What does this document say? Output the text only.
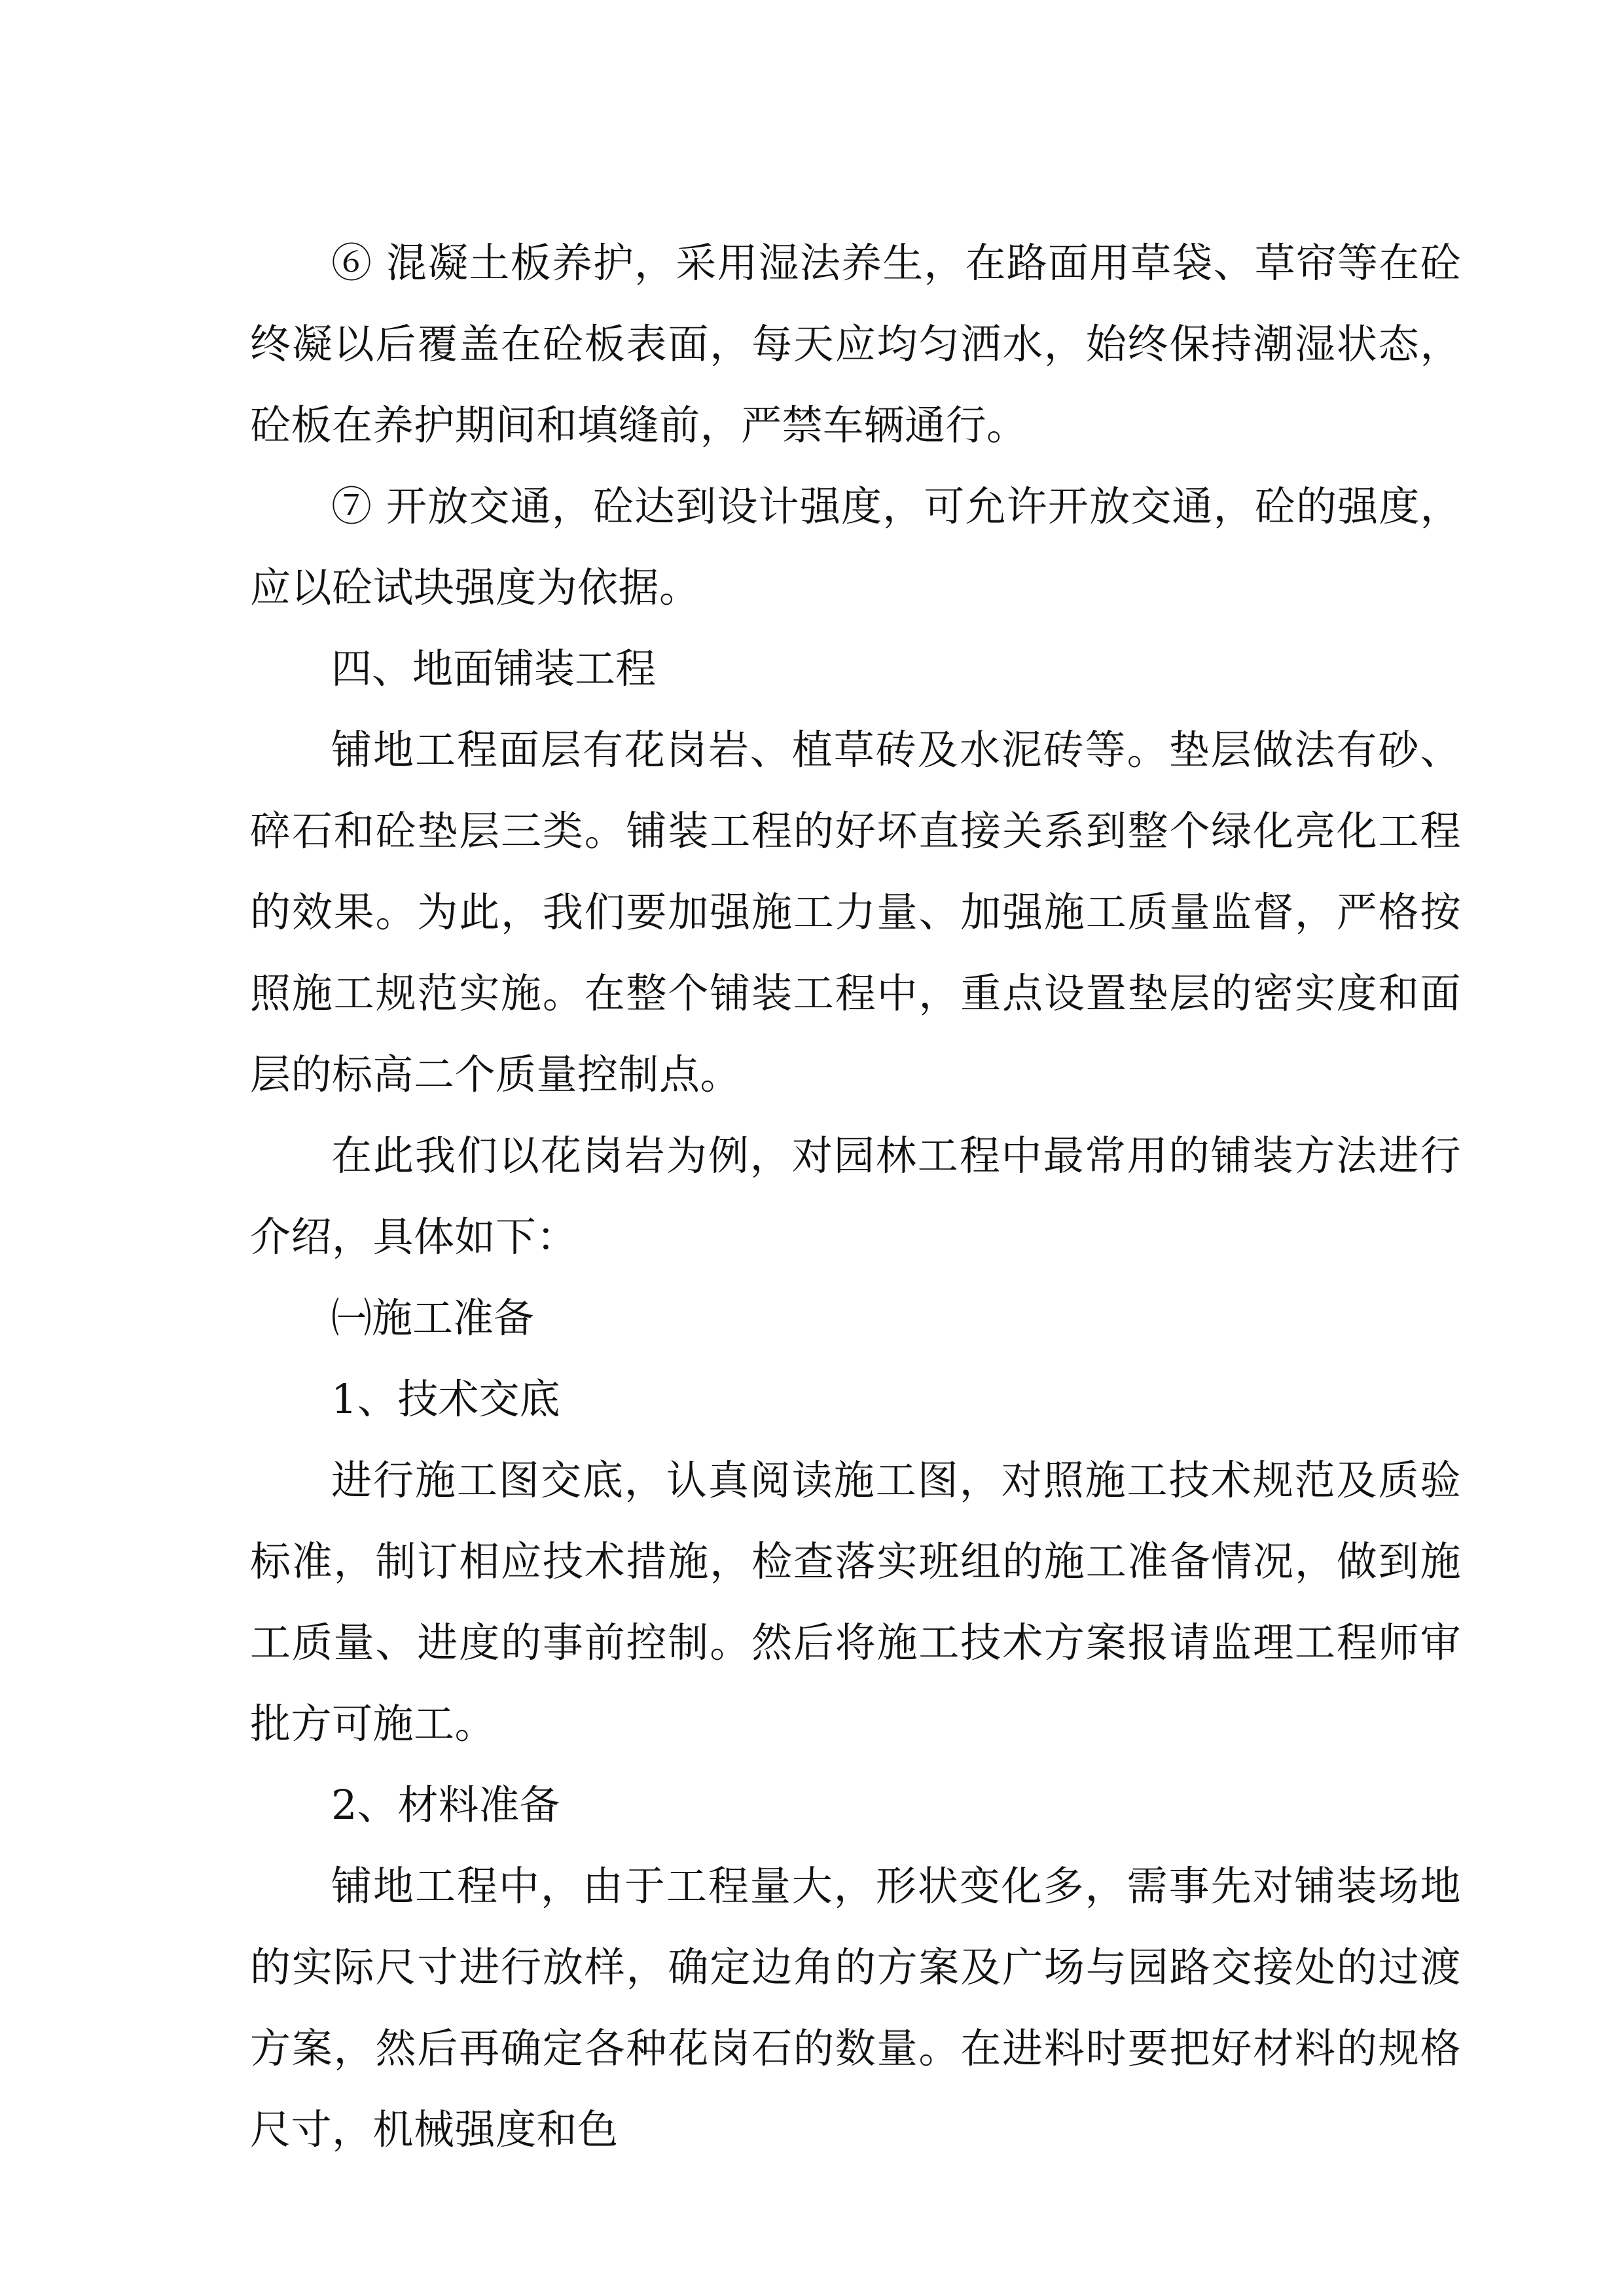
⑥ 混凝土板养护，采用湿法养生，在路面用草袋、草帘等在砼终凝以后覆盖在砼板表面，每天应均匀洒水，始终保持潮湿状态，砼板在养护期间和填缝前，严禁车辆通行。

⑦ 开放交通，砼达到设计强度，可允许开放交通，砼的强度，应以砼试块强度为依据。

四、地面铺装工程

铺地工程面层有花岗岩、植草砖及水泥砖等。垫层做法有砂、碎石和砼垫层三类。铺装工程的好坏直接关系到整个绿化亮化工程的效果。为此，我们要加强施工力量、加强施工质量监督，严格按照施工规范实施。在整个铺装工程中，重点设置垫层的密实度和面层的标高二个质量控制点。

在此我们以花岗岩为例，对园林工程中最常用的铺装方法进行介绍，具体如下：

㈠施工准备

1、技术交底

进行施工图交底，认真阅读施工图，对照施工技术规范及质验标准，制订相应技术措施，检查落实班组的施工准备情况，做到施工质量、进度的事前控制。然后将施工技术方案报请监理工程师审批方可施工。

2、材料准备

铺地工程中，由于工程量大，形状变化多，需事先对铺装场地的实际尺寸进行放样，确定边角的方案及广场与园路交接处的过渡方案，然后再确定各种花岗石的数量。在进料时要把好材料的规格尺寸，机械强度和色
